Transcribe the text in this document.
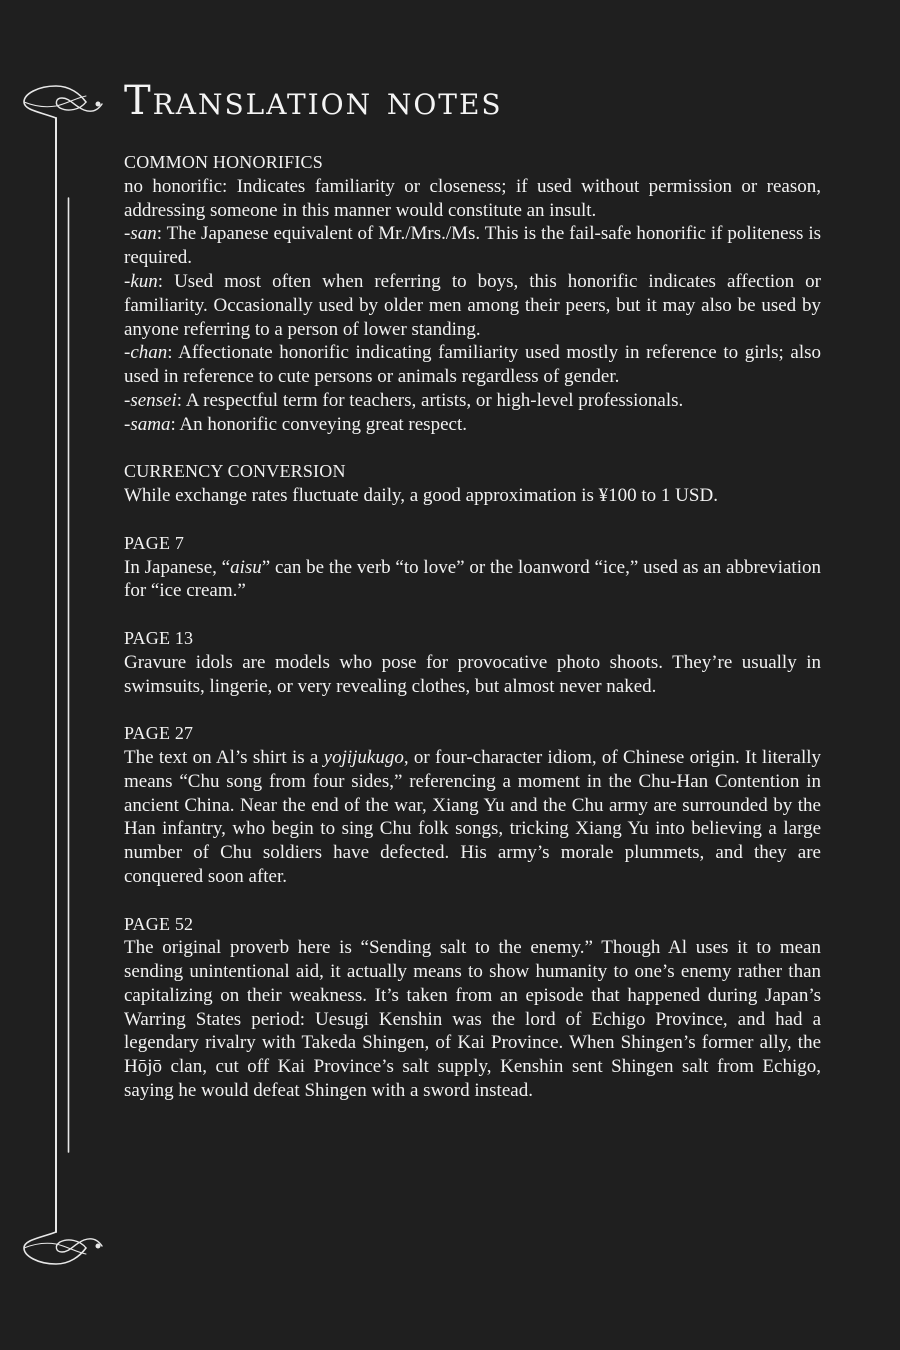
Translation notes
COMMON HONORIFICS
no honorific: Indicates familiarity or closeness; if used without permission or reason, addressing someone in this manner would constitute an insult.
-san: The Japanese equivalent of Mr./Mrs./Ms. This is the fail-safe honorific if politeness is required.
-kun: Used most often when referring to boys, this honorific indicates affection or familiarity. Occasionally used by older men among their peers, but it may also be used by anyone referring to a person of lower standing.
-chan: Affectionate honorific indicating familiarity used mostly in reference to girls; also used in reference to cute persons or animals regardless of gender.
-sensei: A respectful term for teachers, artists, or high-level professionals.
-sama: An honorific conveying great respect.
CURRENCY CONVERSION
While exchange rates fluctuate daily, a good approximation is ¥100 to 1 USD.
PAGE 7
In Japanese, “aisu” can be the verb “to love” or the loanword “ice,” used as an abbreviation for “ice cream.”
PAGE 13
Gravure idols are models who pose for provocative photo shoots. They’re usually in swimsuits, lingerie, or very revealing clothes, but almost never naked.
PAGE 27
The text on Al’s shirt is a yojijukugo, or four-character idiom, of Chinese origin. It literally means “Chu song from four sides,” referencing a moment in the Chu-Han Contention in ancient China. Near the end of the war, Xiang Yu and the Chu army are surrounded by the Han infantry, who begin to sing Chu folk songs, tricking Xiang Yu into believing a large number of Chu soldiers have defected. His army’s morale plummets, and they are conquered soon after.
PAGE 52
The original proverb here is “Sending salt to the enemy.” Though Al uses it to mean sending unintentional aid, it actually means to show humanity to one’s enemy rather than capitalizing on their weakness. It’s taken from an episode that happened during Japan’s Warring States period: Uesugi Kenshin was the lord of Echigo Province, and had a legendary rivalry with Takeda Shingen, of Kai Province. When Shingen’s former ally, the Hōjō clan, cut off Kai Province’s salt supply, Kenshin sent Shingen salt from Echigo, saying he would defeat Shingen with a sword instead.
